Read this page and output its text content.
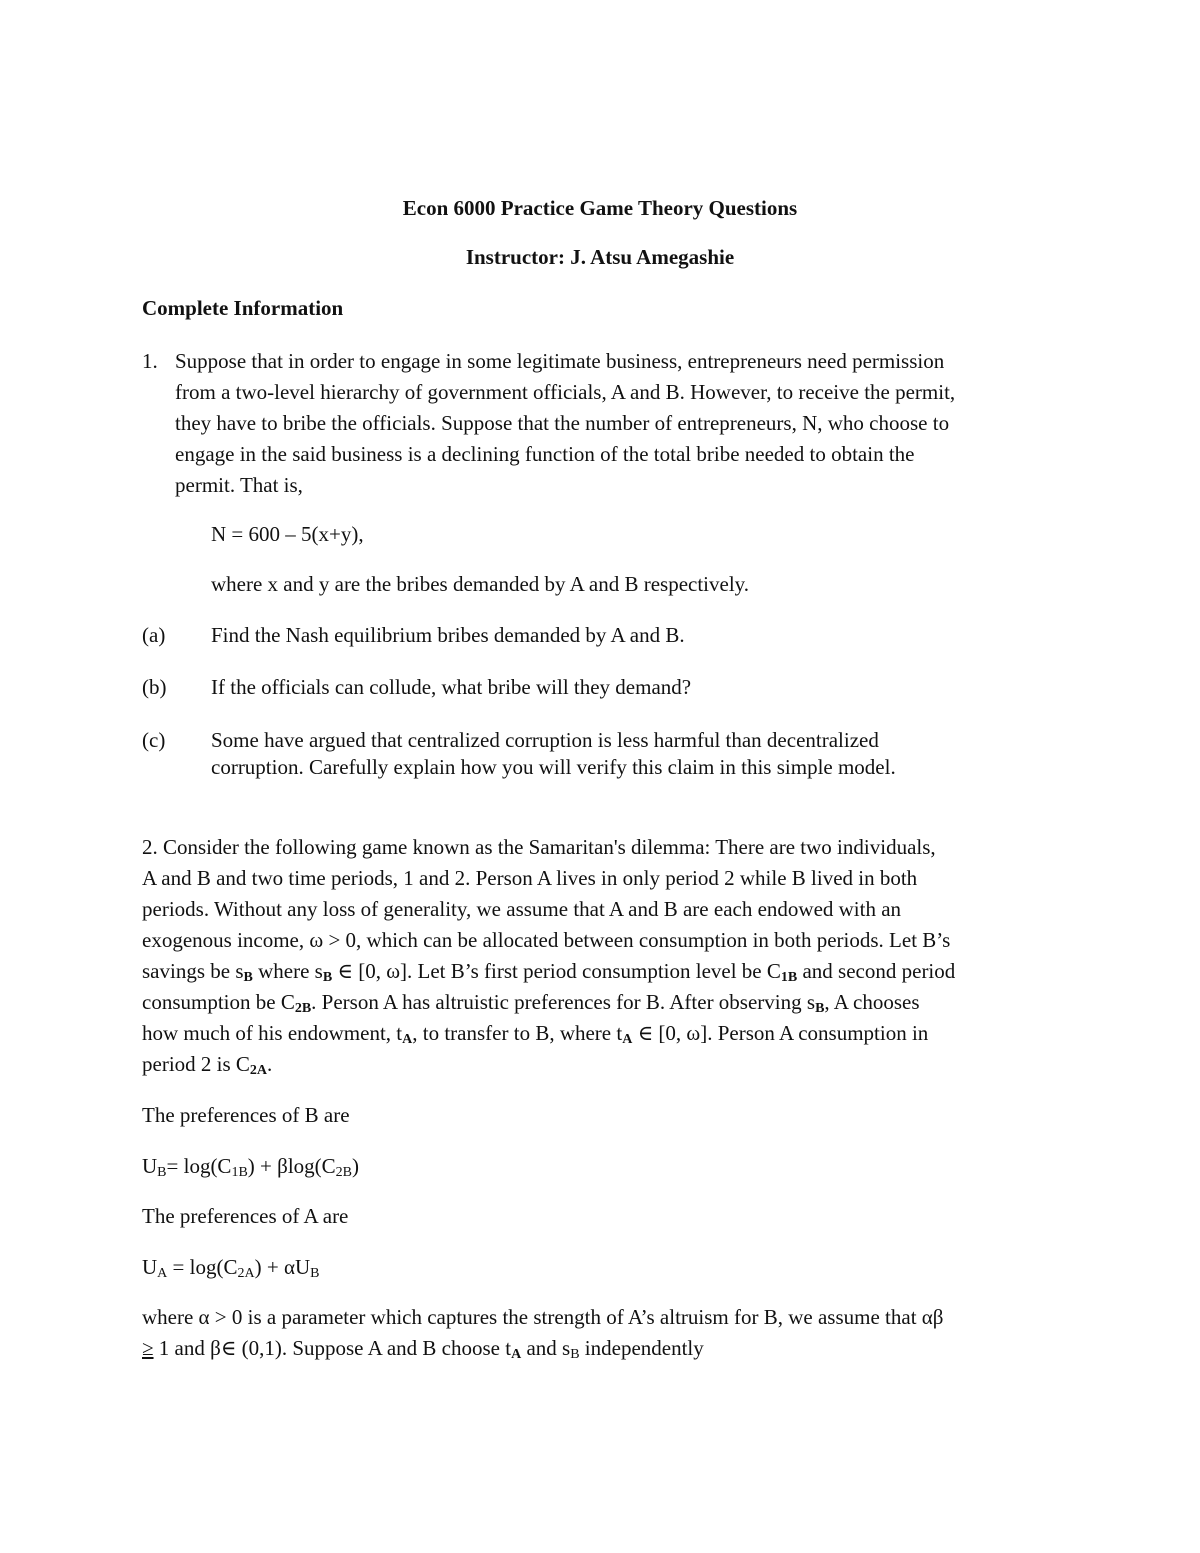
Econ 6000 Practice Game Theory Questions
Instructor: J. Atsu Amegashie
Complete Information
1. Suppose that in order to engage in some legitimate business, entrepreneurs need permission
from a two-level hierarchy of government officials, A and B. However, to receive the permit,
they have to bribe the officials. Suppose that the number of entrepreneurs, N, who choose to
engage in the said business is a declining function of the total bribe needed to obtain the
permit. That is,
N = 600 – 5(x+y),
where x and y are the bribes demanded by A and B respectively.
(a) Find the Nash equilibrium bribes demanded by A and B.
(b) If the officials can collude, what bribe will they demand?
(c) Some have argued that centralized corruption is less harmful than decentralized
corruption. Carefully explain how you will verify this claim in this simple model.
2. Consider the following game known as the Samaritan's dilemma: There are two individuals,
A and B and two time periods, 1 and 2. Person A lives in only period 2 while B lived in both
periods. Without any loss of generality, we assume that A and B are each endowed with an
exogenous income, ω > 0, which can be allocated between consumption in both periods. Let B’s
savings be sB where sB ∈ [0, ω]. Let B’s first period consumption level be C1B and second period
consumption be C2B. Person A has altruistic preferences for B. After observing sB, A chooses
how much of his endowment, tA, to transfer to B, where tA ∈ [0, ω]. Person A consumption in
period 2 is C2A.
The preferences of B are
$U_B= \log(C_{1B}) + \beta\log(C_{2B})$
The preferences of A are
$U_A = \log(C_{2A}) + \alpha U_B$
where α > 0 is a parameter which captures the strength of A’s altruism for B, we assume that αβ
≥ 1 and β∈ (0,1). Suppose A and B choose tA and $s_B$ independently
